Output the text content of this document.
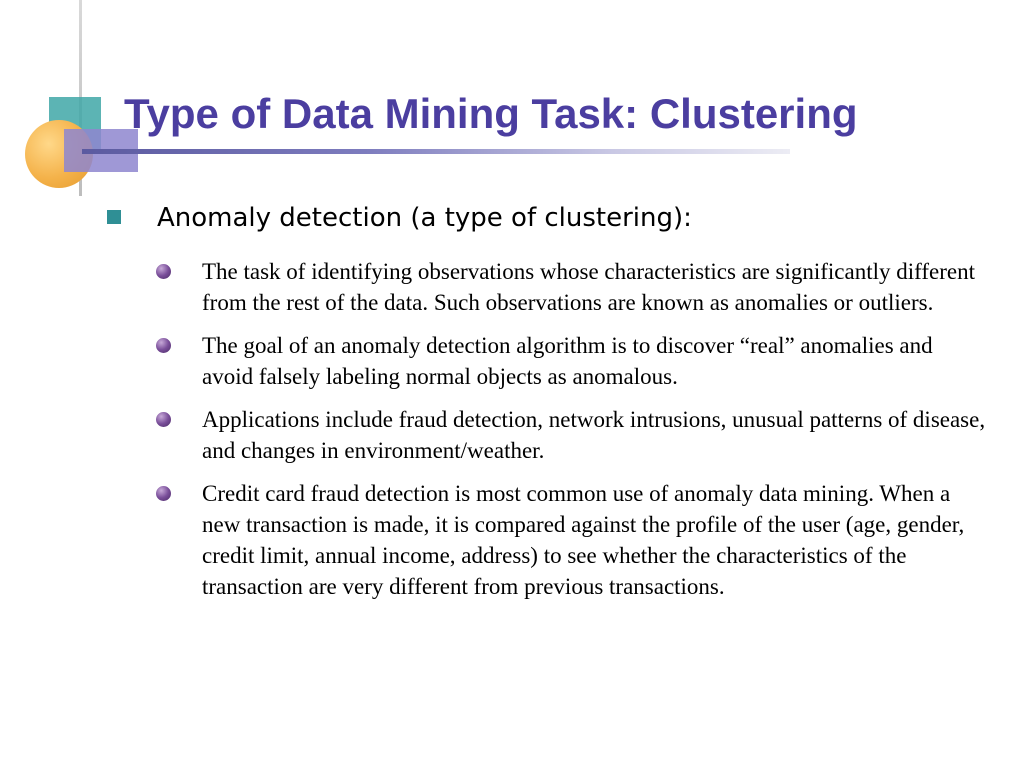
Type of Data Mining Task: Clustering
Anomaly detection (a type of clustering):
The task of identifying observations whose characteristics are significantly different from the rest of the data. Such observations are known as anomalies or outliers.
The goal of an anomaly detection algorithm is to discover “real” anomalies and avoid falsely labeling normal objects as anomalous.
Applications include fraud detection, network intrusions, unusual patterns of disease, and changes in environment/weather.
Credit card fraud detection is most common use of anomaly data mining. When a new transaction is made, it is compared against the profile of the user (age, gender, credit limit, annual income, address) to see whether the characteristics of the transaction are very different from previous transactions.
